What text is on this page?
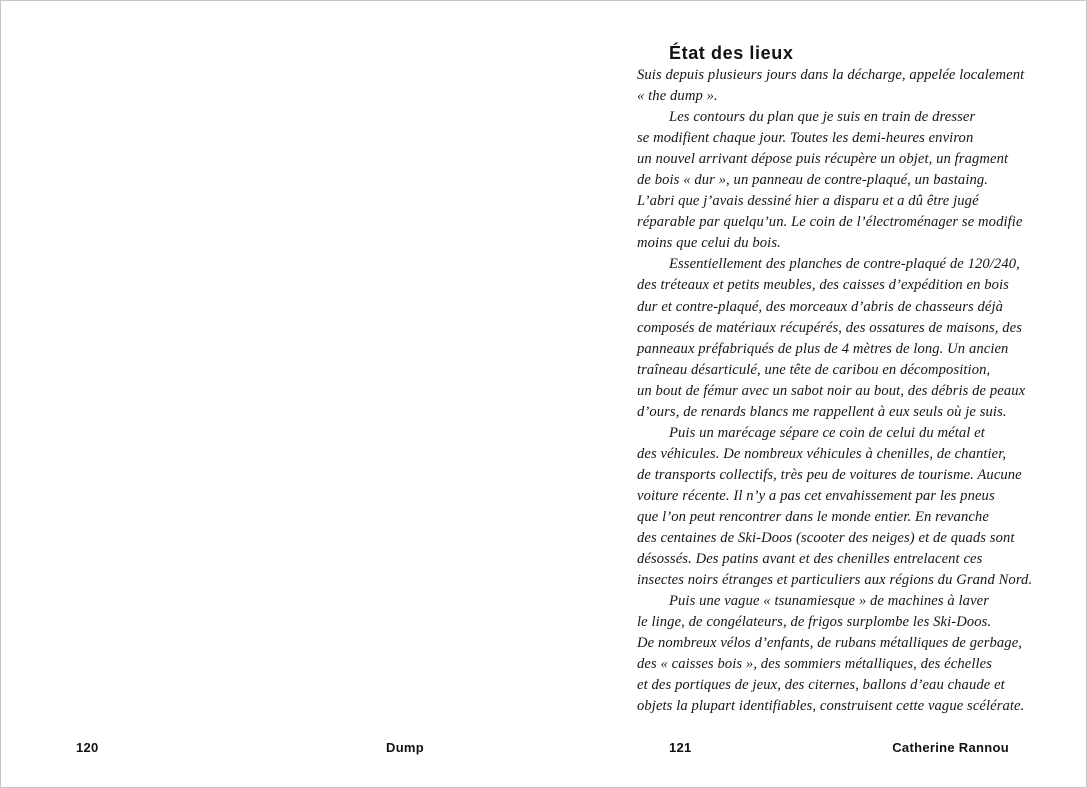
État des lieux
Suis depuis plusieurs jours dans la décharge, appelée localement
« the dump ».
Les contours du plan que je suis en train de dresser
se modifient chaque jour. Toutes les demi-heures environ
un nouvel arrivant dépose puis récupère un objet, un fragment
de bois « dur », un panneau de contre-plaqué, un bastaing.
L’abri que j’avais dessiné hier a disparu et a dû être jugé
réparable par quelqu’un. Le coin de l’électroménager se modifie
moins que celui du bois.
Essentiellement des planches de contre-plaqué de 120/240,
des tréteaux et petits meubles, des caisses d’expédition en bois
dur et contre-plaqué, des morceaux d’abris de chasseurs déjà
composés de matériaux récupérés, des ossatures de maisons, des
panneaux préfabriqués de plus de 4 mètres de long. Un ancien
traîneau désarticulé, une tête de caribou en décomposition,
un bout de fémur avec un sabot noir au bout, des débris de peaux
d’ours, de renards blancs me rappellent à eux seuls où je suis.
Puis un marécage sépare ce coin de celui du métal et
des véhicules. De nombreux véhicules à chenilles, de chantier,
de transports collectifs, très peu de voitures de tourisme. Aucune
voiture récente. Il n’y a pas cet envahissement par les pneus
que l’on peut rencontrer dans le monde entier. En revanche
des centaines de Ski-Doos (scooter des neiges) et de quads sont
désossés. Des patins avant et des chenilles entrelacent ces
insectes noirs étranges et particuliers aux régions du Grand Nord.
Puis une vague « tsunamiesque » de machines à laver
le linge, de congélateurs, de frigos surplombe les Ski-Doos.
De nombreux vélos d’enfants, de rubans métalliques de gerbage,
des « caisses bois », des sommiers métalliques, des échelles
et des portiques de jeux, des citernes, ballons d’eau chaude et
objets la plupart identifiables, construisent cette vague scélérate.
120	Dump	121	Catherine Rannou
